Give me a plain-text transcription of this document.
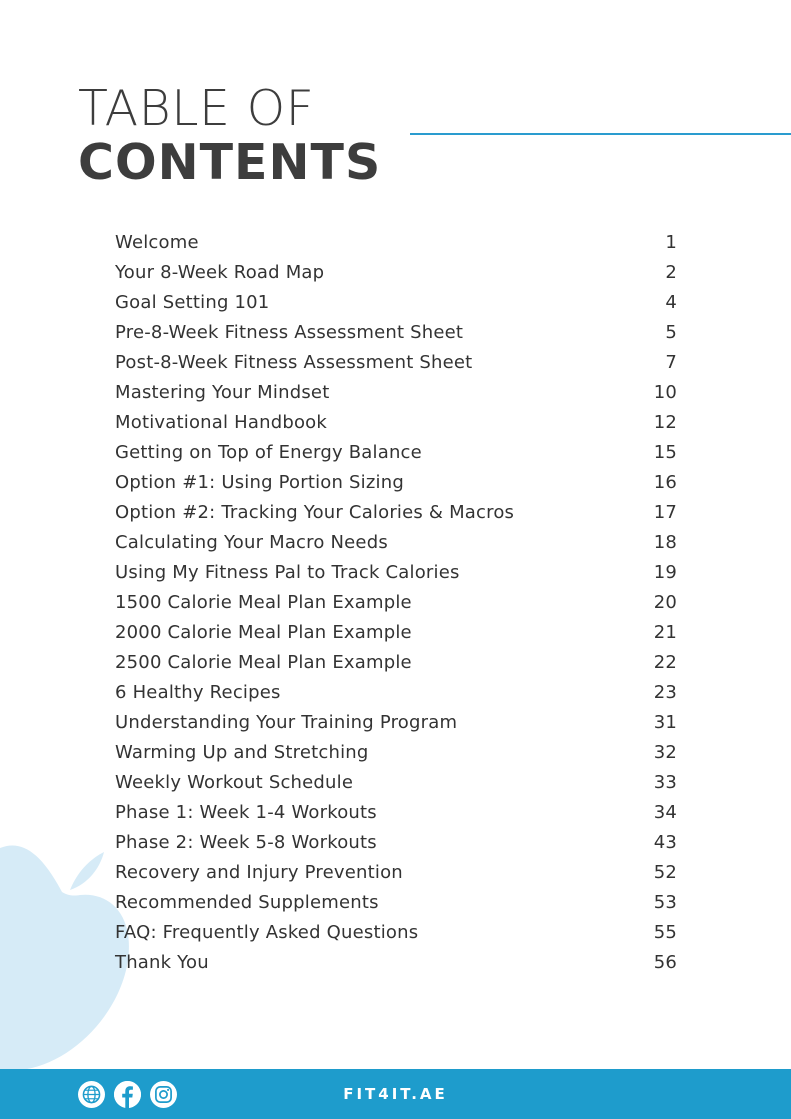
TABLE OF
CONTENTS
Welcome	1
Your 8-Week Road Map	2
Goal Setting 101	4
Pre-8-Week Fitness Assessment Sheet	5
Post-8-Week Fitness Assessment Sheet	7
Mastering Your Mindset	10
Motivational Handbook	12
Getting on Top of Energy Balance	15
Option #1: Using Portion Sizing	16
Option #2: Tracking Your Calories & Macros	17
Calculating Your Macro Needs	18
Using My Fitness Pal to Track Calories	19
1500 Calorie Meal Plan Example	20
2000 Calorie Meal Plan Example	21
2500 Calorie Meal Plan Example	22
6 Healthy Recipes	23
Understanding Your Training Program	31
Warming Up and Stretching	32
Weekly Workout Schedule	33
Phase 1: Week 1-4 Workouts	34
Phase 2: Week 5-8 Workouts	43
Recovery and Injury Prevention	52
Recommended Supplements	53
FAQ: Frequently Asked Questions	55
Thank You	56
FIT4IT.AE
